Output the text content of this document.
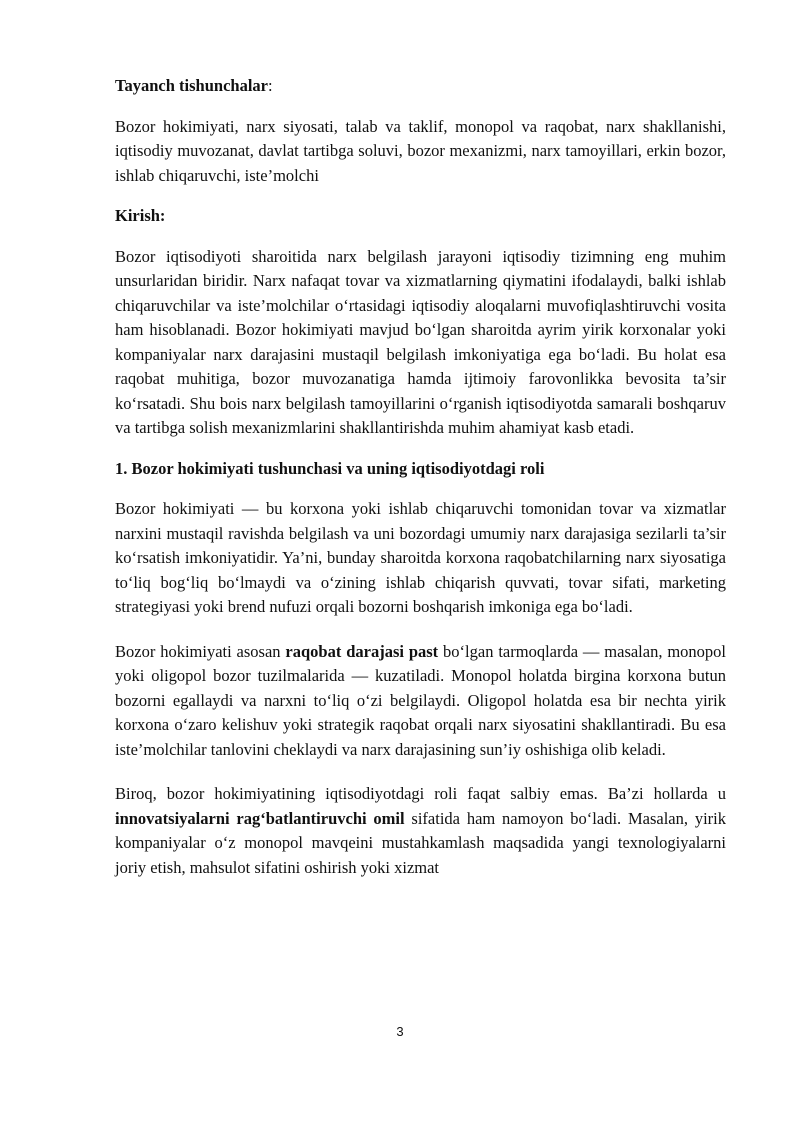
Tayanch tishunchalar:

Bozor hokimiyati, narx siyosati, talab va taklif, monopol va raqobat, narx shakllanishi, iqtisodiy muvozanat, davlat tartibga soluvi, bozor mexanizmi, narx tamoyillari, erkin bozor, ishlab chiqaruvchi, iste’molchi

Kirish:

Bozor iqtisodiyoti sharoitida narx belgilash jarayoni iqtisodiy tizimning eng muhim unsurlaridan biridir. Narx nafaqat tovar va xizmatlarning qiymatini ifodalaydi, balki ishlab chiqaruvchilar va iste’molchilar o‘rtasidagi iqtisodiy aloqalarni muvofiqlashtiruvchi vosita ham hisoblanadi. Bozor hokimiyati mavjud bo‘lgan sharoitda ayrim yirik korxonalar yoki kompaniyalar narx darajasini mustaqil belgilash imkoniyatiga ega bo‘ladi. Bu holat esa raqobat muhitiga, bozor muvozanatiga hamda ijtimoiy farovonlikka bevosita ta’sir ko‘rsatadi. Shu bois narx belgilash tamoyillarini o‘rganish iqtisodiyotda samarali boshqaruv va tartibga solish mexanizmlarini shakllantirishda muhim ahamiyat kasb etadi.

1. Bozor hokimiyati tushunchasi va uning iqtisodiyotdagi roli

Bozor hokimiyati — bu korxona yoki ishlab chiqaruvchi tomonidan tovar va xizmatlar narxini mustaqil ravishda belgilash va uni bozordagi umumiy narx darajasiga sezilarli ta’sir ko‘rsatish imkoniyatidir. Ya’ni, bunday sharoitda korxona raqobatchilarning narx siyosatiga to‘liq bog‘liq bo‘lmaydi va o‘zining ishlab chiqarish quvvati, tovar sifati, marketing strategiyasi yoki brend nufuzi orqali bozorni boshqarish imkoniga ega bo‘ladi.

Bozor hokimiyati asosan raqobat darajasi past bo‘lgan tarmoqlarda — masalan, monopol yoki oligopol bozor tuzilmalarida — kuzatiladi. Monopol holatda birgina korxona butun bozorni egallaydi va narxni to‘liq o‘zi belgilaydi. Oligopol holatda esa bir nechta yirik korxona o‘zaro kelishuv yoki strategik raqobat orqali narx siyosatini shakllantiradi. Bu esa iste’molchilar tanlovini cheklaydi va narx darajasining sun’iy oshishiga olib keladi.

Biroq, bozor hokimiyatining iqtisodiyotdagi roli faqat salbiy emas. Ba’zi hollarda u innovatsiyalarni rag‘batlantiruvchi omil sifatida ham namoyon bo‘ladi. Masalan, yirik kompaniyalar o‘z monopol mavqeini mustahkamlash maqsadida yangi texnologiyalarni joriy etish, mahsulot sifatini oshirish yoki xizmat

3
